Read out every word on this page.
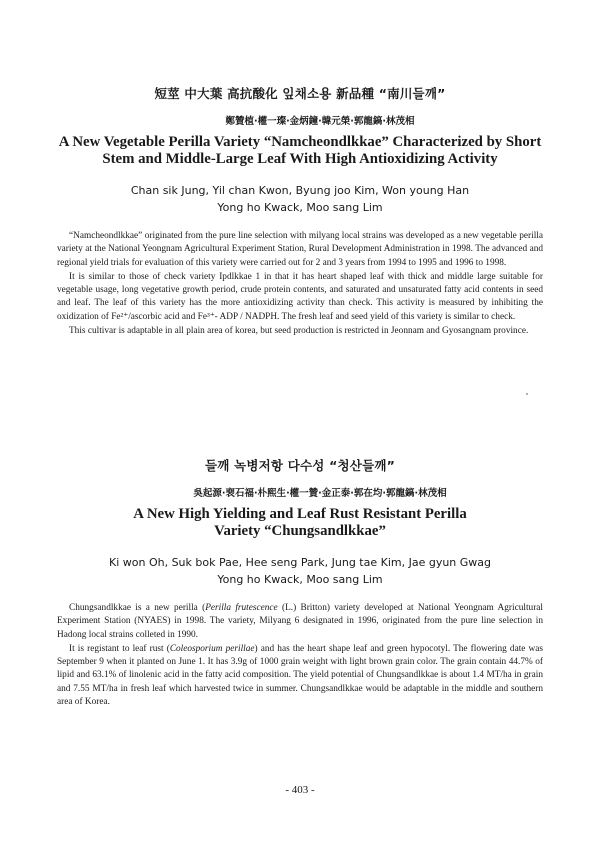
短莖 中大葉 高抗酸化 잎채소용 新品種 “南川들깨”
鄭贊植·權一璨·金炳鐘·韓元榮·郭龍鎬·林茂相
A New Vegetable Perilla Variety “Namcheondlkkae” Characterized by Short
Stem and Middle-Large Leaf With High Antioxidizing Activity
Chan sik Jung, Yil chan Kwon, Byung joo Kim, Won young Han
Yong ho Kwack, Moo sang Lim

“Namcheondlkkae” originated from the pure line selection with milyang local strains was developed as a new vegetable perilla variety at the National Yeongnam Agricultural Experiment Station, Rural Development Administration in 1998. The advanced and regional yield trials for evaluation of this variety were carried out for 2 and 3 years from 1994 to 1995 and 1996 to 1998.

It is similar to those of check variety Ipdlkkae 1 in that it has heart shaped leaf with thick and middle large suitable for vegetable usage, long vegetative growth period, crude protein contents, and saturated and unsaturated fatty acid contents in seed and leaf. The leaf of this variety has the more antioxidizing activity than check. This activity is measured by inhibiting the oxidization of Fe²⁺/ascorbic acid and Fe³⁺- ADP / NADPH. The fresh leaf and seed yield of this variety is similar to check.

This cultivar is adaptable in all plain area of korea, but seed production is restricted in Jeonnam and Gyosangnam province.

들깨 녹병저항 다수성 “청산들깨”
吳起源·裵石福·朴熙生·權一贊·金正泰·郭在均·郭龍鎬·林茂相
A New High Yielding and Leaf Rust Resistant Perilla
Variety “Chungsandlkkae”
Ki won Oh, Suk bok Pae, Hee seng Park, Jung tae Kim, Jae gyun Gwag
Yong ho Kwack, Moo sang Lim

Chungsandlkkae is a new perilla (Perilla frutescence (L.) Britton) variety developed at National Yeongnam Agricultural Experiment Station (NYAES) in 1998. The variety, Milyang 6 designated in 1996, originated from the pure line selection in Hadong local strains colleted in 1990.

It is registant to leaf rust (Coleosporium perillae) and has the heart shape leaf and green hypocotyl. The flowering date was September 9 when it planted on June 1. It has 3.9g of 1000 grain weight with light brown grain color. The grain contain 44.7% of lipid and 63.1% of linolenic acid in the fatty acid composition. The yield potential of Chungsandlkkae is about 1.4 MT/ha in grain and 7.55 MT/ha in fresh leaf which harvested twice in summer. Chungsandlkkae would be adaptable in the middle and southern area of Korea.

- 403 -
